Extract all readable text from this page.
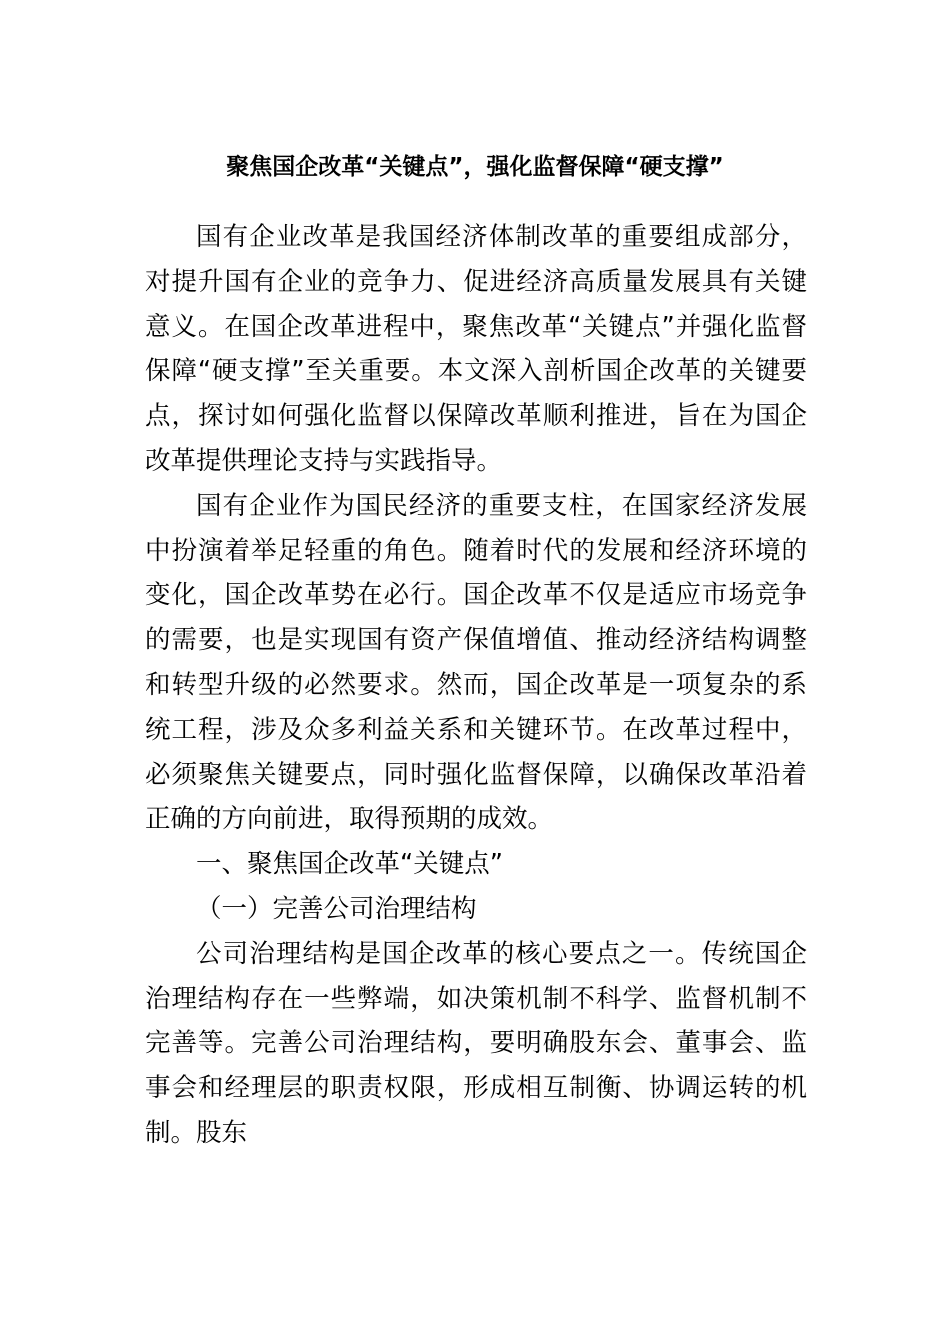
聚焦国企改革“关键点”，强化监督保障“硬支撑”
国有企业改革是我国经济体制改革的重要组成部分，
对提升国有企业的竞争力、促进经济高质量发展具有关键
意义。在国企改革进程中，聚焦改革“关键点”并强化监督
保障“硬支撑”至关重要。本文深入剖析国企改革的关键要
点，探讨如何强化监督以保障改革顺利推进，旨在为国企
改革提供理论支持与实践指导。
国有企业作为国民经济的重要支柱，在国家经济发展
中扮演着举足轻重的角色。随着时代的发展和经济环境的
变化，国企改革势在必行。国企改革不仅是适应市场竞争
的需要，也是实现国有资产保值增值、推动经济结构调整
和转型升级的必然要求。然而，国企改革是一项复杂的系
统工程，涉及众多利益关系和关键环节。在改革过程中，
必须聚焦关键要点，同时强化监督保障，以确保改革沿着
正确的方向前进，取得预期的成效。
一、聚焦国企改革“关键点”
（一）完善公司治理结构
公司治理结构是国企改革的核心要点之一。传统国企
治理结构存在一些弊端，如决策机制不科学、监督机制不
完善等。完善公司治理结构，要明确股东会、董事会、监
事会和经理层的职责权限，形成相互制衡、协调运转的机
制。股东
